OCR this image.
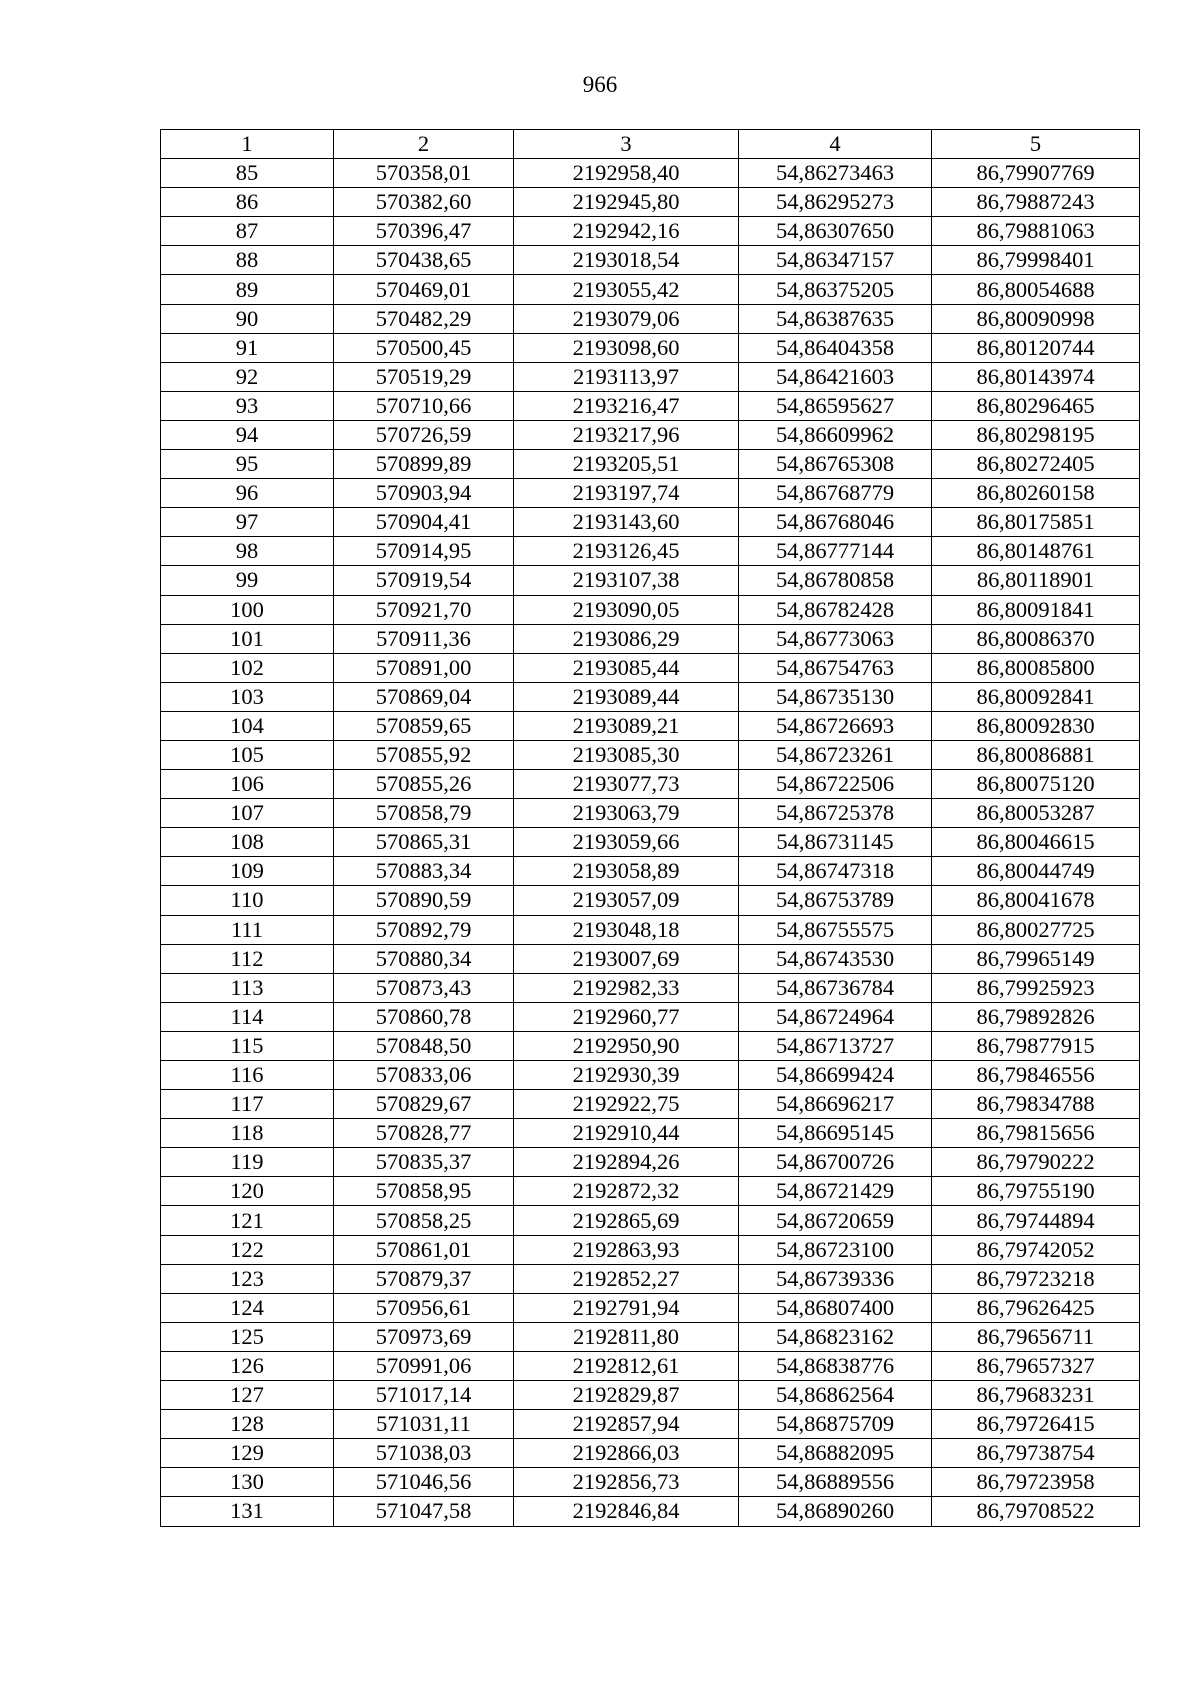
966
1	2	3	4	5
85	570358,01	2192958,40	54,86273463	86,79907769
86	570382,60	2192945,80	54,86295273	86,79887243
87	570396,47	2192942,16	54,86307650	86,79881063
88	570438,65	2193018,54	54,86347157	86,79998401
89	570469,01	2193055,42	54,86375205	86,80054688
90	570482,29	2193079,06	54,86387635	86,80090998
91	570500,45	2193098,60	54,86404358	86,80120744
92	570519,29	2193113,97	54,86421603	86,80143974
93	570710,66	2193216,47	54,86595627	86,80296465
94	570726,59	2193217,96	54,86609962	86,80298195
95	570899,89	2193205,51	54,86765308	86,80272405
96	570903,94	2193197,74	54,86768779	86,80260158
97	570904,41	2193143,60	54,86768046	86,80175851
98	570914,95	2193126,45	54,86777144	86,80148761
99	570919,54	2193107,38	54,86780858	86,80118901
100	570921,70	2193090,05	54,86782428	86,80091841
101	570911,36	2193086,29	54,86773063	86,80086370
102	570891,00	2193085,44	54,86754763	86,80085800
103	570869,04	2193089,44	54,86735130	86,80092841
104	570859,65	2193089,21	54,86726693	86,80092830
105	570855,92	2193085,30	54,86723261	86,80086881
106	570855,26	2193077,73	54,86722506	86,80075120
107	570858,79	2193063,79	54,86725378	86,80053287
108	570865,31	2193059,66	54,86731145	86,80046615
109	570883,34	2193058,89	54,86747318	86,80044749
110	570890,59	2193057,09	54,86753789	86,80041678
111	570892,79	2193048,18	54,86755575	86,80027725
112	570880,34	2193007,69	54,86743530	86,79965149
113	570873,43	2192982,33	54,86736784	86,79925923
114	570860,78	2192960,77	54,86724964	86,79892826
115	570848,50	2192950,90	54,86713727	86,79877915
116	570833,06	2192930,39	54,86699424	86,79846556
117	570829,67	2192922,75	54,86696217	86,79834788
118	570828,77	2192910,44	54,86695145	86,79815656
119	570835,37	2192894,26	54,86700726	86,79790222
120	570858,95	2192872,32	54,86721429	86,79755190
121	570858,25	2192865,69	54,86720659	86,79744894
122	570861,01	2192863,93	54,86723100	86,79742052
123	570879,37	2192852,27	54,86739336	86,79723218
124	570956,61	2192791,94	54,86807400	86,79626425
125	570973,69	2192811,80	54,86823162	86,79656711
126	570991,06	2192812,61	54,86838776	86,79657327
127	571017,14	2192829,87	54,86862564	86,79683231
128	571031,11	2192857,94	54,86875709	86,79726415
129	571038,03	2192866,03	54,86882095	86,79738754
130	571046,56	2192856,73	54,86889556	86,79723958
131	571047,58	2192846,84	54,86890260	86,79708522
